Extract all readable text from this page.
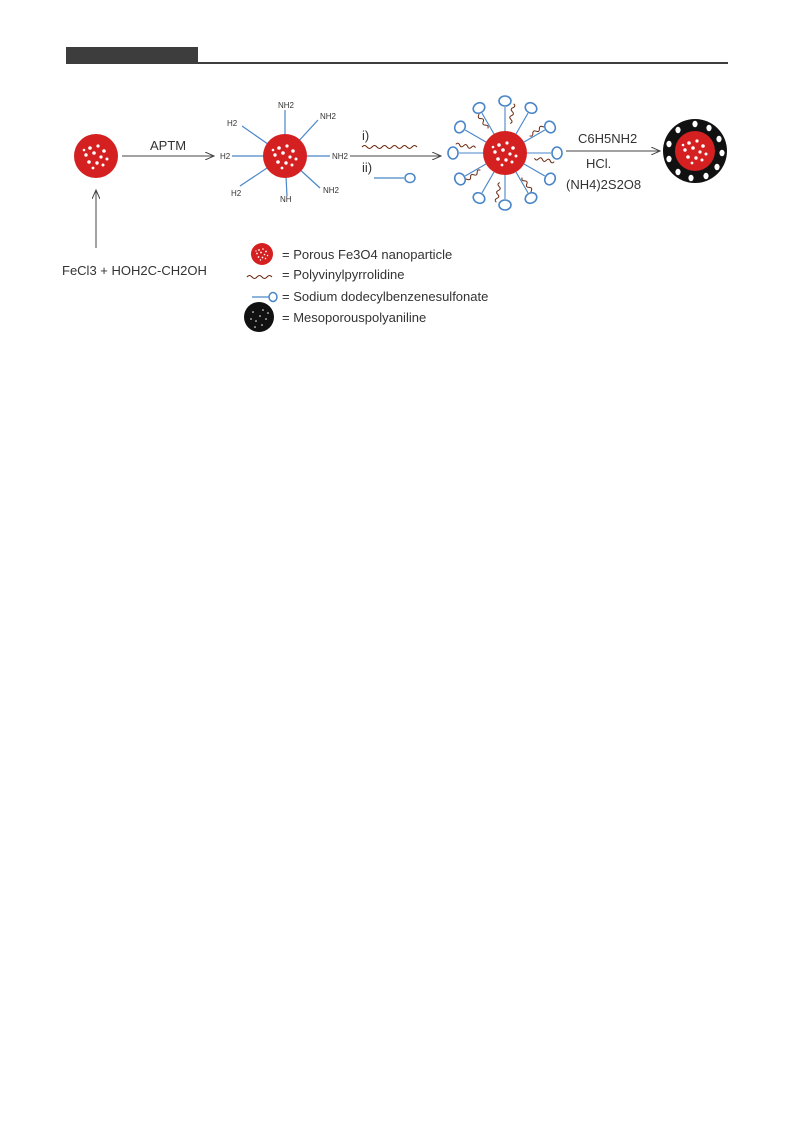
FeCl3 + HOH2C-CH2OH
APTM
NH2
NH2
NH2
NH2
NH
H2
H2
H2
i)
ii)
C6H5NH2
HCl.
(NH4)2S2O8
= Porous Fe3O4 nanoparticle
= Polyvinylpyrrolidine
= Sodium dodecylbenzenesulfonate
= Mesoporouspolyaniline
